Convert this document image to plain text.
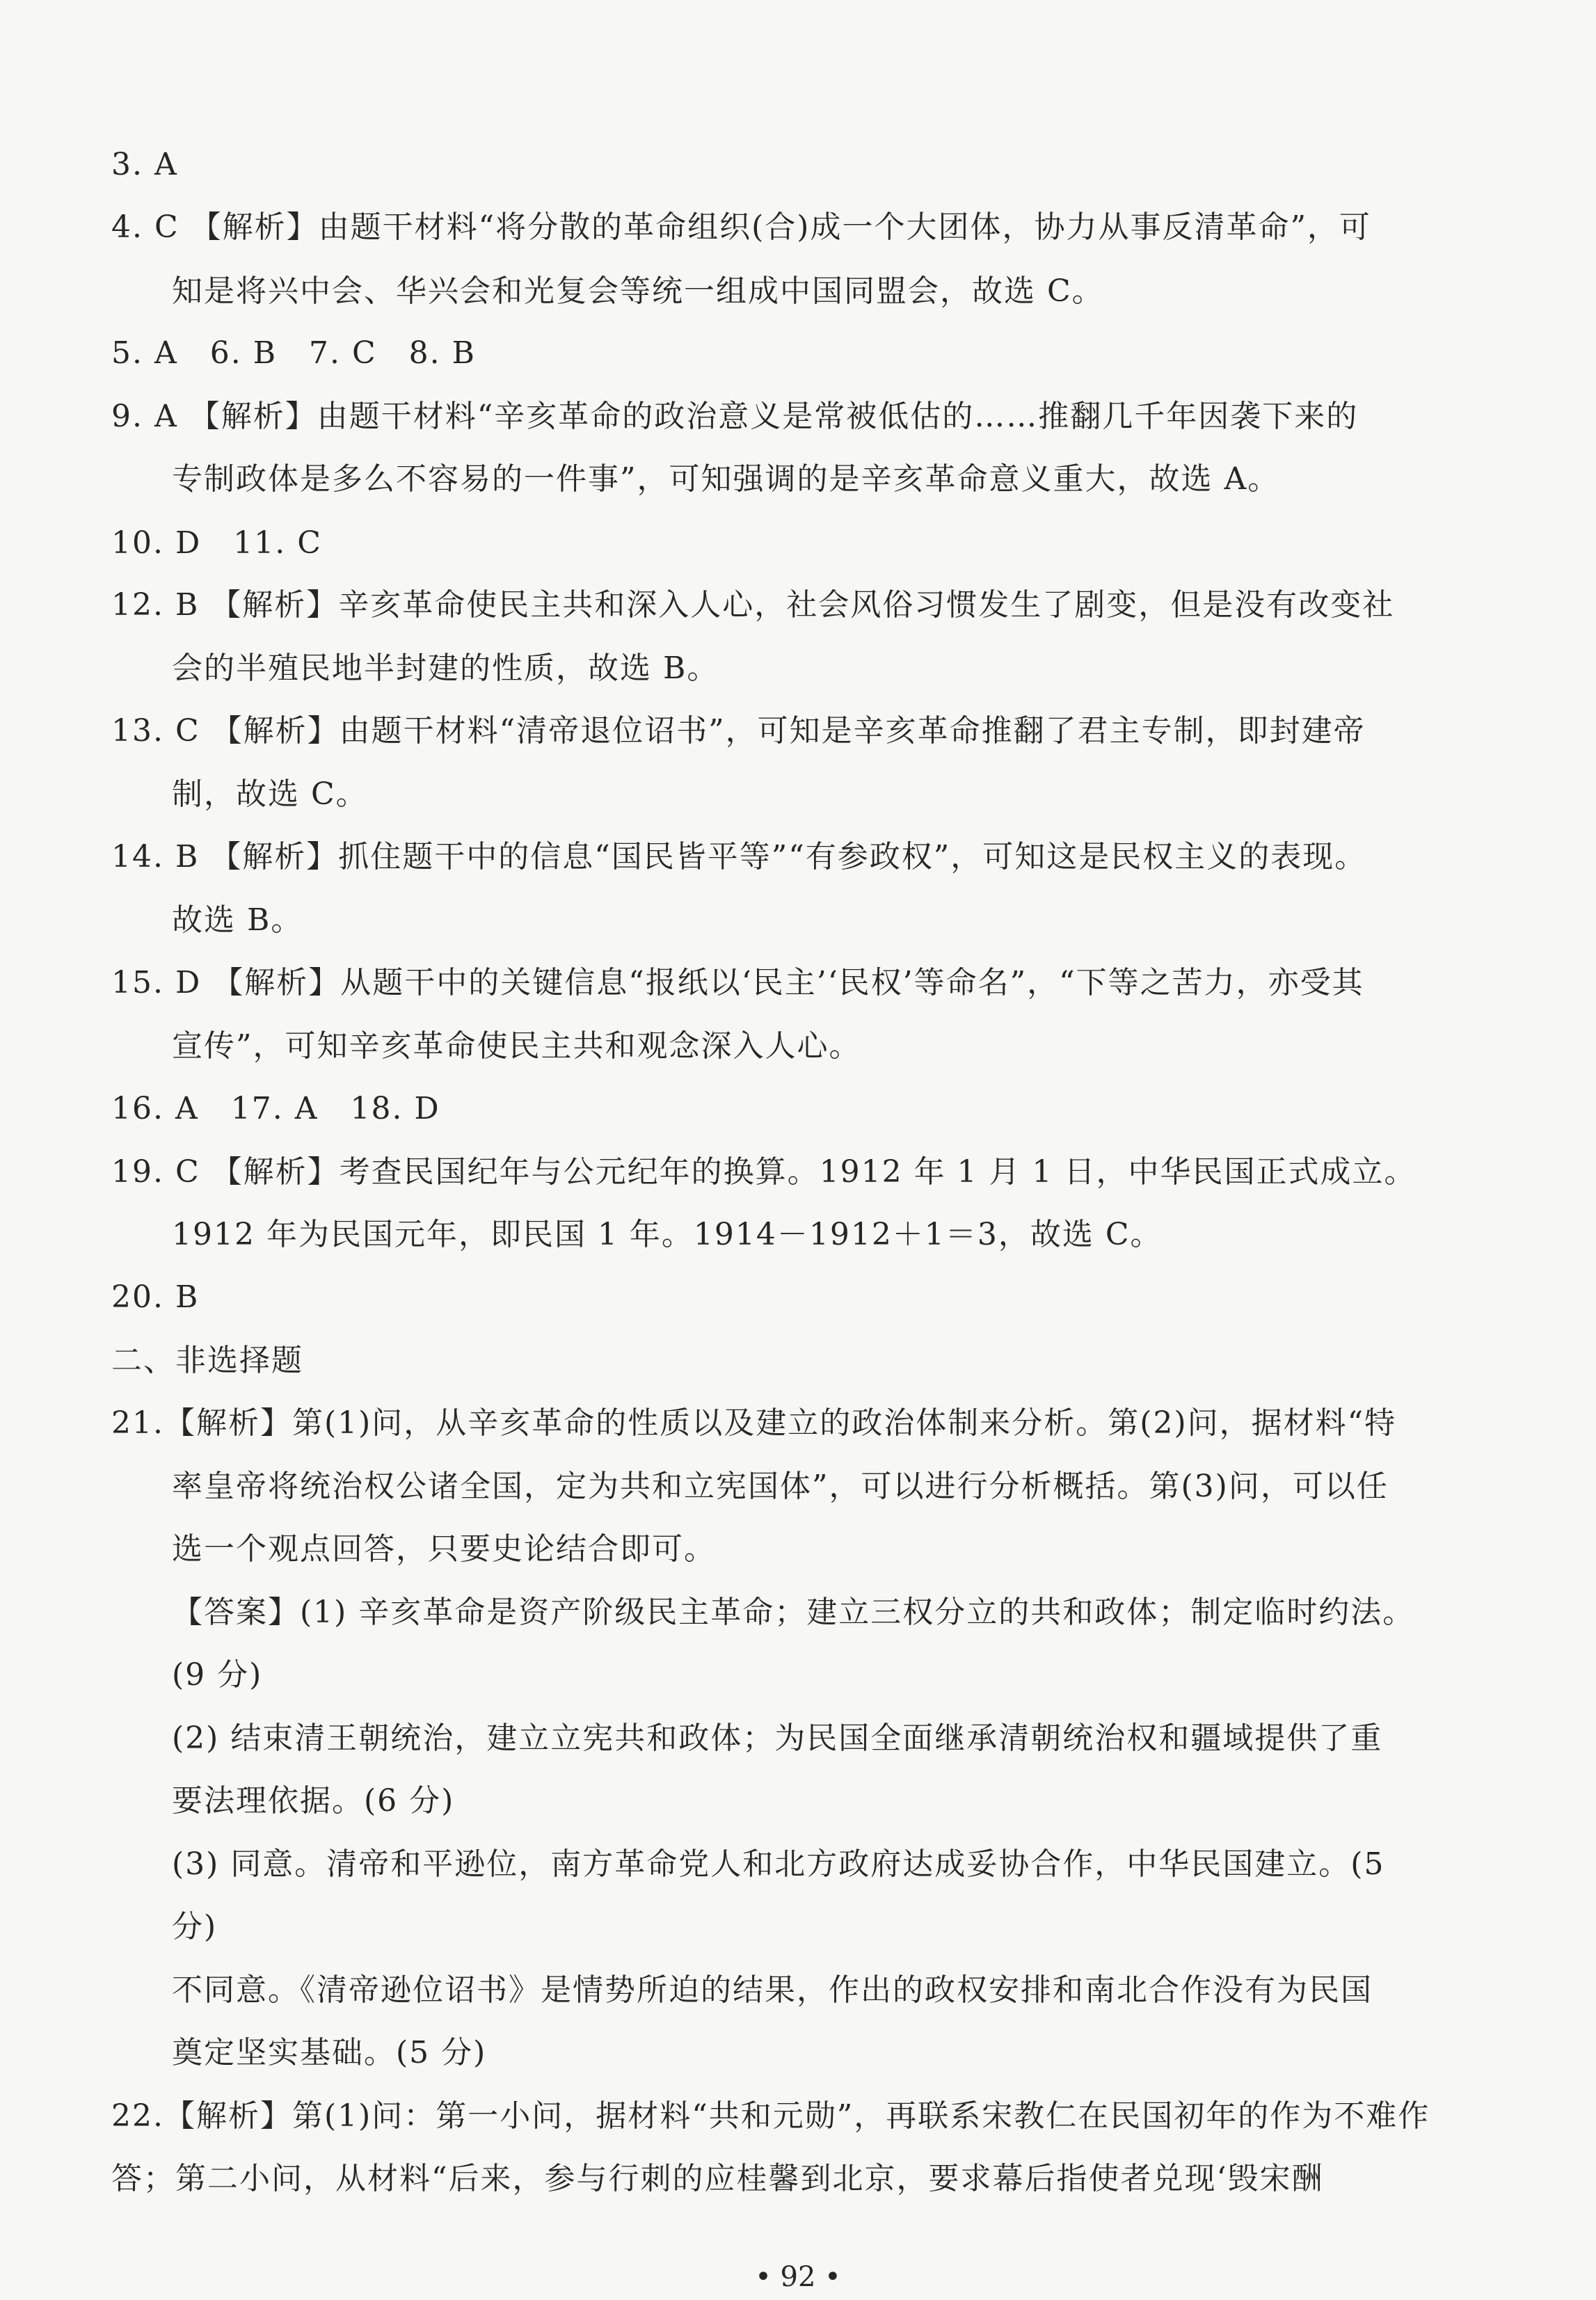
3. A
4. C 【解析】由题干材料“将分散的革命组织(合)成一个大团体，协力从事反清革命”，可
知是将兴中会、华兴会和光复会等统一组成中国同盟会，故选 C。
5. A　6. B　7. C　8. B
9. A 【解析】由题干材料“辛亥革命的政治意义是常被低估的……推翻几千年因袭下来的
专制政体是多么不容易的一件事”，可知强调的是辛亥革命意义重大，故选 A。
10. D　11. C
12. B 【解析】辛亥革命使民主共和深入人心，社会风俗习惯发生了剧变，但是没有改变社
会的半殖民地半封建的性质，故选 B。
13. C 【解析】由题干材料“清帝退位诏书”，可知是辛亥革命推翻了君主专制，即封建帝
制，故选 C。
14. B 【解析】抓住题干中的信息“国民皆平等”“有参政权”，可知这是民权主义的表现。
故选 B。
15. D 【解析】从题干中的关键信息“报纸以‘民主’‘民权’等命名”，“下等之苦力，亦受其
宣传”，可知辛亥革命使民主共和观念深入人心。
16. A　17. A　18. D
19. C 【解析】考查民国纪年与公元纪年的换算。1912 年 1 月 1 日，中华民国正式成立。
1912 年为民国元年，即民国 1 年。1914－1912＋1＝3，故选 C。
20. B
二、非选择题
21.【解析】第(1)问，从辛亥革命的性质以及建立的政治体制来分析。第(2)问，据材料“特
率皇帝将统治权公诸全国，定为共和立宪国体”，可以进行分析概括。第(3)问，可以任
选一个观点回答，只要史论结合即可。
【答案】(1) 辛亥革命是资产阶级民主革命；建立三权分立的共和政体；制定临时约法。
(9 分)
(2) 结束清王朝统治，建立立宪共和政体；为民国全面继承清朝统治权和疆域提供了重
要法理依据。(6 分)
(3) 同意。清帝和平逊位，南方革命党人和北方政府达成妥协合作，中华民国建立。(5
分)
不同意。《清帝逊位诏书》是情势所迫的结果，作出的政权安排和南北合作没有为民国
奠定坚实基础。(5 分)
22.【解析】第(1)问：第一小问，据材料“共和元勋”，再联系宋教仁在民国初年的作为不难作
答；第二小问，从材料“后来，参与行刺的应桂馨到北京，要求幕后指使者兑现‘毁宋酬
• 92 •
